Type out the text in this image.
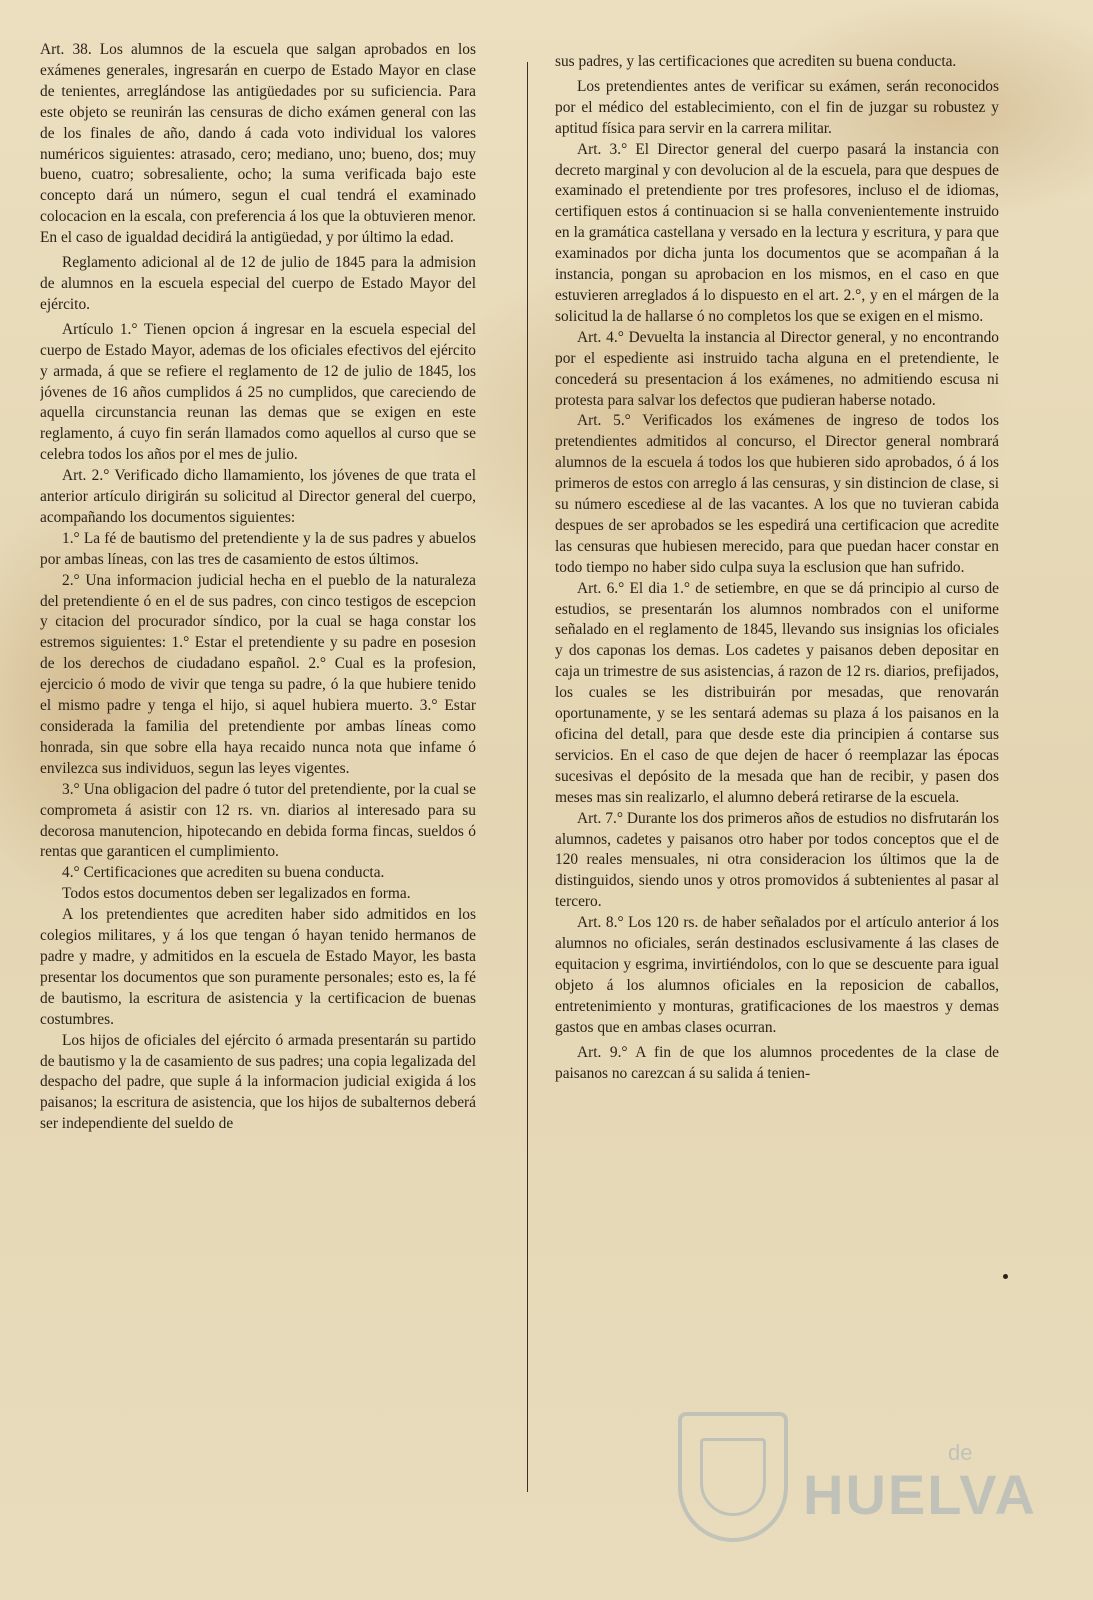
Art. 38. Los alumnos de la escuela que salgan aprobados en los exámenes generales, ingresarán en cuerpo de Estado Mayor en clase de tenientes, arreglándose las antigüedades por su suficiencia. Para este objeto se reunirán las censuras de dicho exámen general con las de los finales de año, dando á cada voto individual los valores numéricos siguientes: atrasado, cero; mediano, uno; bueno, dos; muy bueno, cuatro; sobresaliente, ocho; la suma verificada bajo este concepto dará un número, segun el cual tendrá el examinado colocacion en la escala, con preferencia á los que la obtuvieren menor. En el caso de igualdad decidirá la antigüedad, y por último la edad.

Reglamento adicional al de 12 de julio de 1845 para la admision de alumnos en la escuela especial del cuerpo de Estado Mayor del ejército.

Artículo 1.° Tienen opcion á ingresar en la escuela especial del cuerpo de Estado Mayor, ademas de los oficiales efectivos del ejército y armada, á que se refiere el reglamento de 12 de julio de 1845, los jóvenes de 16 años cumplidos á 25 no cumplidos, que careciendo de aquella circunstancia reunan las demas que se exigen en este reglamento, á cuyo fin serán llamados como aquellos al curso que se celebra todos los años por el mes de julio.

Art. 2.° Verificado dicho llamamiento, los jóvenes de que trata el anterior artículo dirigirán su solicitud al Director general del cuerpo, acompañando los documentos siguientes:

1.° La fé de bautismo del pretendiente y la de sus padres y abuelos por ambas líneas, con las tres de casamiento de estos últimos.

2.° Una informacion judicial hecha en el pueblo de la naturaleza del pretendiente ó en el de sus padres, con cinco testigos de escepcion y citacion del procurador síndico, por la cual se haga constar los estremos siguientes: 1.° Estar el pretendiente y su padre en posesion de los derechos de ciudadano español. 2.° Cual es la profesion, ejercicio ó modo de vivir que tenga su padre, ó la que hubiere tenido el mismo padre y tenga el hijo, si aquel hubiera muerto. 3.° Estar considerada la familia del pretendiente por ambas líneas como honrada, sin que sobre ella haya recaido nunca nota que infame ó envilezca sus individuos, segun las leyes vigentes.

3.° Una obligacion del padre ó tutor del pretendiente, por la cual se comprometa á asistir con 12 rs. vn. diarios al interesado para su decorosa manutencion, hipotecando en debida forma fincas, sueldos ó rentas que garanticen el cumplimiento.

4.° Certificaciones que acrediten su buena conducta.

Todos estos documentos deben ser legalizados en forma.

A los pretendientes que acrediten haber sido admitidos en los colegios militares, y á los que tengan ó hayan tenido hermanos de padre y madre, y admitidos en la escuela de Estado Mayor, les basta presentar los documentos que son puramente personales; esto es, la fé de bautismo, la escritura de asistencia y la certificacion de buenas costumbres.

Los hijos de oficiales del ejército ó armada presentarán su partido de bautismo y la de casamiento de sus padres; una copia legalizada del despacho del padre, que suple á la informacion judicial exigida á los paisanos; la escritura de asistencia, que los hijos de subalternos deberá ser independiente del sueldo de

sus padres, y las certificaciones que acrediten su buena conducta.

Los pretendientes antes de verificar su exámen, serán reconocidos por el médico del establecimiento, con el fin de juzgar su robustez y aptitud física para servir en la carrera militar.

Art. 3.° El Director general del cuerpo pasará la instancia con decreto marginal y con devolucion al de la escuela, para que despues de examinado el pretendiente por tres profesores, incluso el de idiomas, certifiquen estos á continuacion si se halla convenientemente instruido en la gramática castellana y versado en la lectura y escritura, y para que examinados por dicha junta los documentos que se acompañan á la instancia, pongan su aprobacion en los mismos, en el caso en que estuvieren arreglados á lo dispuesto en el art. 2.°, y en el márgen de la solicitud la de hallarse ó no completos los que se exigen en el mismo.

Art. 4.° Devuelta la instancia al Director general, y no encontrando por el espediente asi instruido tacha alguna en el pretendiente, le concederá su presentacion á los exámenes, no admitiendo escusa ni protesta para salvar los defectos que pudieran haberse notado.

Art. 5.° Verificados los exámenes de ingreso de todos los pretendientes admitidos al concurso, el Director general nombrará alumnos de la escuela á todos los que hubieren sido aprobados, ó á los primeros de estos con arreglo á las censuras, y sin distincion de clase, si su número escediese al de las vacantes. A los que no tuvieran cabida despues de ser aprobados se les espedirá una certificacion que acredite las censuras que hubiesen merecido, para que puedan hacer constar en todo tiempo no haber sido culpa suya la esclusion que han sufrido.

Art. 6.° El dia 1.° de setiembre, en que se dá principio al curso de estudios, se presentarán los alumnos nombrados con el uniforme señalado en el reglamento de 1845, llevando sus insignias los oficiales y dos caponas los demas. Los cadetes y paisanos deben depositar en caja un trimestre de sus asistencias, á razon de 12 rs. diarios, prefijados, los cuales se les distribuirán por mesadas, que renovarán oportunamente, y se les sentará ademas su plaza á los paisanos en la oficina del detall, para que desde este dia principien á contarse sus servicios. En el caso de que dejen de hacer ó reemplazar las épocas sucesivas el depósito de la mesada que han de recibir, y pasen dos meses mas sin realizarlo, el alumno deberá retirarse de la escuela.

Art. 7.° Durante los dos primeros años de estudios no disfrutarán los alumnos, cadetes y paisanos otro haber por todos conceptos que el de 120 reales mensuales, ni otra consideracion los últimos que la de distinguidos, siendo unos y otros promovidos á subtenientes al pasar al tercero.

Art. 8.° Los 120 rs. de haber señalados por el artículo anterior á los alumnos no oficiales, serán destinados esclusivamente á las clases de equitacion y esgrima, invirtiéndolos, con lo que se descuente para igual objeto á los alumnos oficiales en la reposicion de caballos, entretenimiento y monturas, gratificaciones de los maestros y demas gastos que en ambas clases ocurran.

Art. 9.° A fin de que los alumnos procedentes de la clase de paisanos no carezcan á su salida á tenien-

de
HUELVA
